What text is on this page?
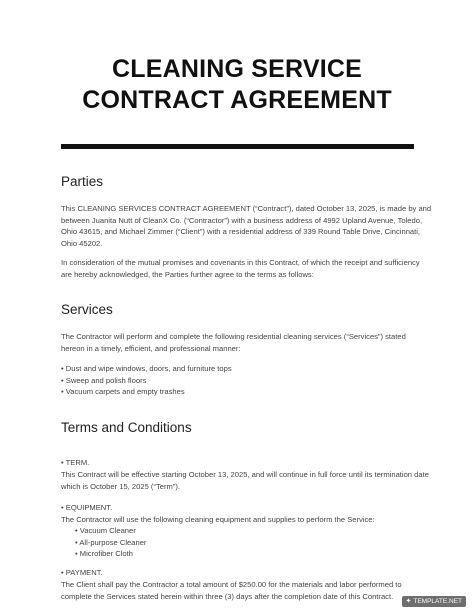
CLEANING SERVICE
CONTRACT AGREEMENT
Parties
This CLEANING SERVICES CONTRACT AGREEMENT (“Contract”), dated October 13, 2025, is made by and
between Juanita Nutt of CleanX Co. (“Contractor”) with a business address of 4992 Upland Avenue, Toledo,
Ohio 43615, and Michael Zimmer (“Client”) with a residential address of 339 Round Table Drive, Cincinnati,
Ohio 45202.
In consideration of the mutual promises and covenants in this Contract, of which the receipt and sufficiency
are hereby acknowledged, the Parties further agree to the terms as follows:
Services
The Contractor will perform and complete the following residential cleaning services (“Services”) stated
hereon in a timely, efficient, and professional manner:
• Dust and wipe windows, doors, and furniture tops
• Sweep and polish floors
• Vacuum carpets and empty trashes
Terms and Conditions
• TERM.
This Contract will be effective starting October 13, 2025, and will continue in full force until its termination date
which is October 15, 2025 (“Term”).
• EQUIPMENT.
The Contractor will use the following cleaning equipment and supplies to perform the Service:
• Vacuum Cleaner
• All-purpose Cleaner
• Microfiber Cloth
• PAYMENT.
The Client shall pay the Contractor a total amount of $250.00 for the materials and labor performed to
complete the Services stated herein within three (3) days after the completion date of this Contract.
✦ TEMPLATE.NET
